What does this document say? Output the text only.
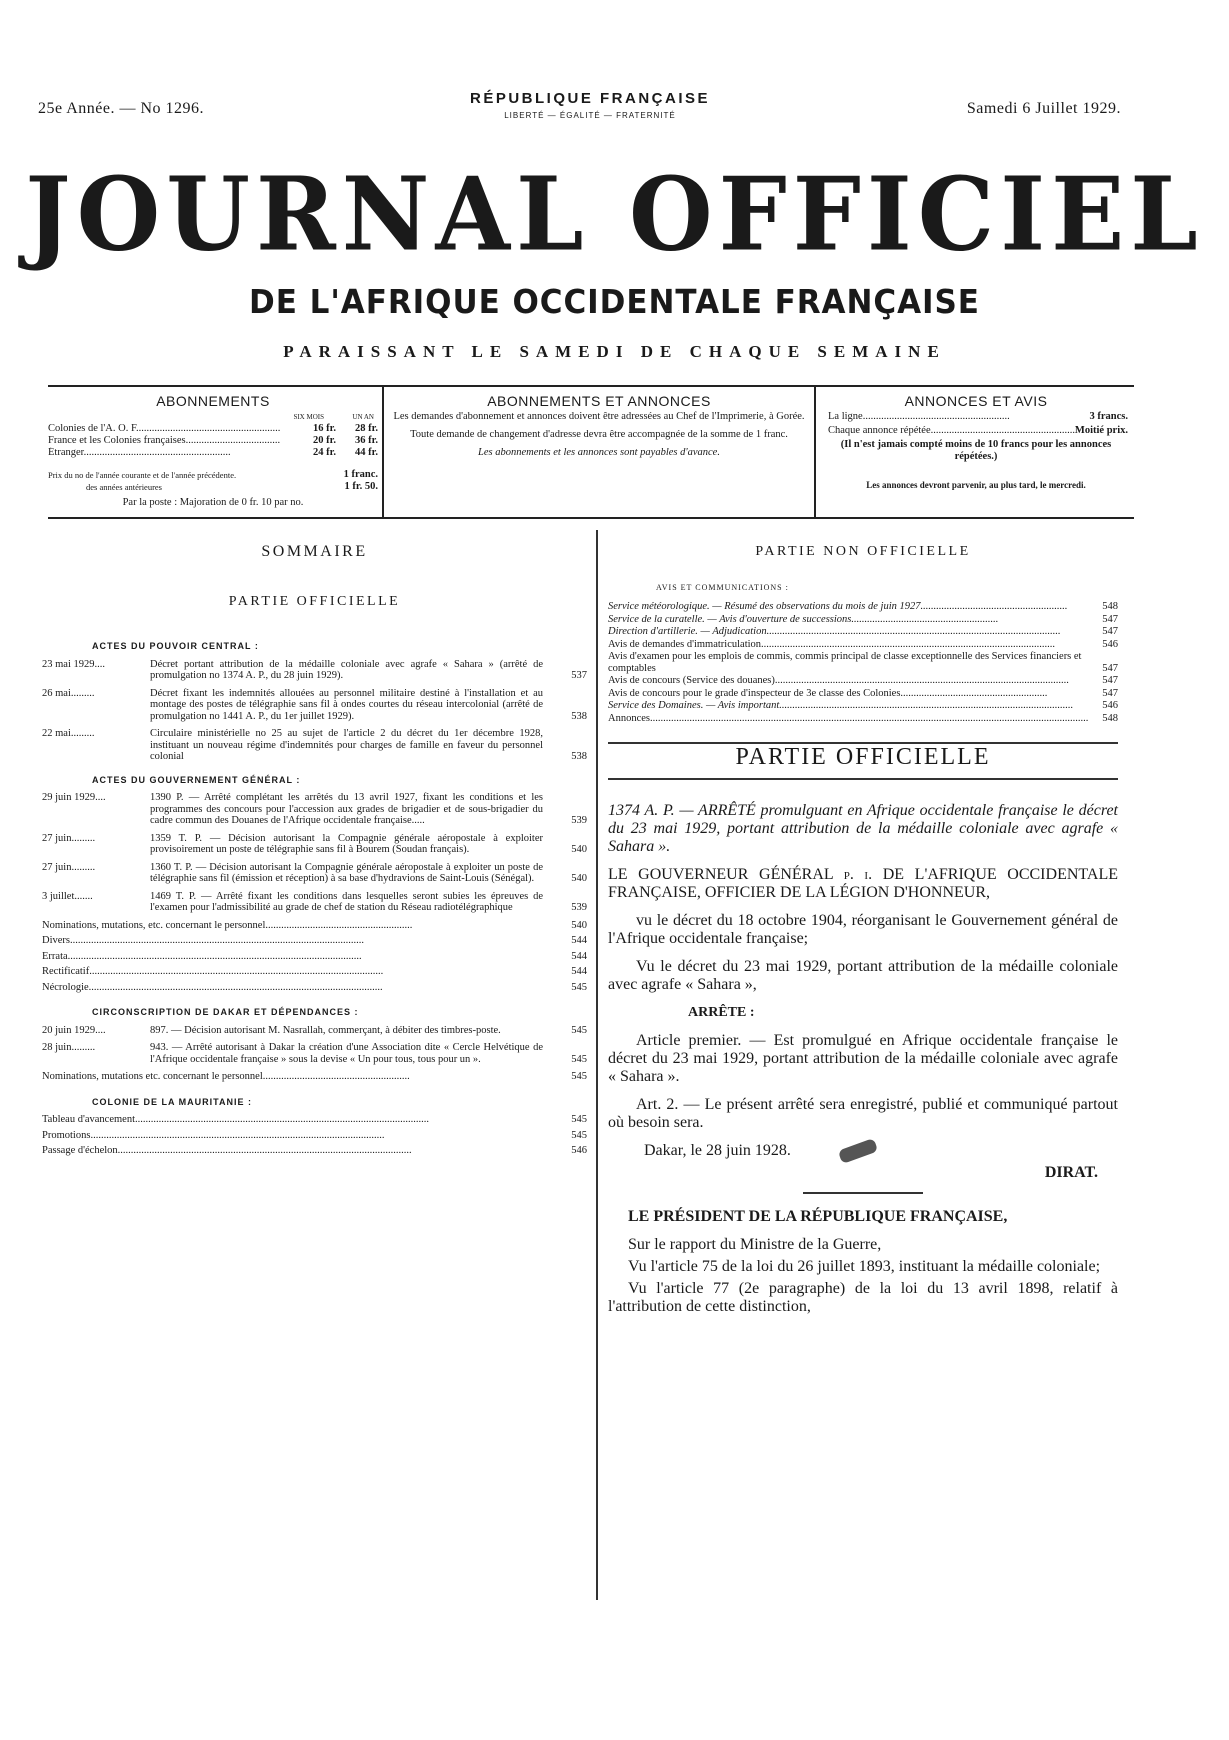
25e Année. — No 1296.
RÉPUBLIQUE FRANÇAISE
LIBERTÉ — ÉGALITÉ — FRATERNITÉ	Samedi 6 Juillet 1929.
JOURNAL OFFICIEL
DE L'AFRIQUE OCCIDENTALE FRANÇAISE
PARAISSANT LE SAMEDI DE CHAQUE SEMAINE
ABONNEMENTS
SIX MOIS	UN AN
Colonies de l'A. O. F. .....	16 fr.	28 fr.
France et les Colonies françaises. .....	20 fr.	36 fr.
Étranger .....	24 fr.	44 fr.
Prix du no de l'année courante et de l'année précédente.	1 franc.
des années antérieures	1 fr. 50.
Par la poste : Majoration de 0 fr. 10 par no.
ABONNEMENTS ET ANNONCES

Les demandes d'abonnement et annonces doivent être adressées au Chef de l'Imprimerie, à Gorée.

Toute demande de changement d'adresse devra être accompagnée de la somme de 1 franc.

Les abonnements et les annonces sont payables d'avance.

ANNONCES ET AVIS
La ligne .....	3 francs.
Chaque annonce répétée .....	Moitié prix.

(Il n'est jamais compté moins de 10 francs pour les annonces répétées.)

Les annonces devront parvenir, au plus tard, le mercredi.

SOMMAIRE
PARTIE OFFICIELLE
ACTES DU POUVOIR CENTRAL :
23 mai 1929....	Décret portant attribution de la médaille coloniale avec agrafe « Sahara » (arrêté de promulgation no 1374 A. P., du 28 juin 1929).	537
26 mai.........	Décret fixant les indemnités allouées au personnel militaire destiné à l'installation et au montage des postes de télégraphie sans fil à ondes courtes du réseau intercolonial (arrêté de promulgation no 1441 A. P., du 1er juillet 1929).	538
22 mai.........	Circulaire ministérielle no 25 au sujet de l'article 2 du décret du 1er décembre 1928, instituant un nouveau régime d'indemnités pour charges de famille en faveur du personnel colonial	538
ACTES DU GOUVERNEMENT GÉNÉRAL :
29 juin 1929....	1390 P. — Arrêté complétant les arrêtés du 13 avril 1927, fixant les conditions et les programmes des concours pour l'accession aux grades de brigadier et de sous-brigadier du cadre commun des Douanes de l'Afrique occidentale française.....	539
27 juin.........	1359 T. P. — Décision autorisant la Compagnie générale aéropostale à exploiter provisoirement un poste de télégraphie sans fil à Bourem (Soudan français).	540
27 juin.........	1360 T. P. — Décision autorisant la Compagnie générale aéropostale à exploiter un poste de télégraphie sans fil (émission et réception) à sa base d'hydravions de Saint-Louis (Sénégal).	540
3 juillet.......	1469 T. P. — Arrêté fixant les conditions dans lesquelles seront subies les épreuves de l'examen pour l'admissibilité au grade de chef de station du Réseau radiotélégraphique	539
Nominations, mutations, etc. concernant le personnel .....	540
Divers ..... .....	544
Errata ..... .....	544
Rectificatif ..... .....	544
Nécrologie ..... .....	545
CIRCONSCRIPTION DE DAKAR ET DÉPENDANCES :
20 juin 1929....	897. — Décision autorisant M. Nasrallah, commerçant, à débiter des timbres-poste.	545
28 juin.........	943. — Arrêté autorisant à Dakar la création d'une Association dite « Cercle Helvétique de l'Afrique occidentale française » sous la devise « Un pour tous, tous pour un ».	545
Nominations, mutations etc. concernant le personnel .....	545
COLONIE DE LA MAURITANIE :
Tableau d'avancement ..... .....	545
Promotions ..... .....	545
Passage d'échelon ..... .....	546
PARTIE NON OFFICIELLE
AVIS ET COMMUNICATIONS :
Service météorologique. — Résumé des observations du mois de juin 1927 .....	548
Service de la curatelle. — Avis d'ouverture de successions .....	547
Direction d'artillerie. — Adjudication ..... .....	547
Avis de demandes d'immatriculation ..... .....	546
Avis d'examen pour les emplois de commis, commis principal de classe exceptionnelle des Services financiers et comptables	547
Avis de concours (Service des douanes) ..... .....	547
Avis de concours pour le grade d'inspecteur de 3e classe des Colonies .....	547
Service des Domaines. — Avis important ..... .....	546
Annonces ..... ..... .....	548
PARTIE OFFICIELLE

1374 A. P. — ARRÊTÉ promulguant en Afrique occidentale française le décret du 23 mai 1929, portant attribution de la médaille coloniale avec agrafe « Sahara ».

LE GOUVERNEUR GÉNÉRAL p. i. DE L'AFRIQUE OCCIDENTALE FRANÇAISE, OFFICIER DE LA LÉGION D'HONNEUR,

vu le décret du 18 octobre 1904, réorganisant le Gouvernement général de l'Afrique occidentale française;

Vu le décret du 23 mai 1929, portant attribution de la médaille coloniale avec agrafe « Sahara »,

ARRÊTE :

Article premier. — Est promulgué en Afrique occidentale française le décret du 23 mai 1929, portant attribution de la médaille coloniale avec agrafe « Sahara ».

Art. 2. — Le présent arrêté sera enregistré, publié et communiqué partout où besoin sera.

Dakar, le 28 juin 1928.

DIRAT.

LE PRÉSIDENT DE LA RÉPUBLIQUE FRANÇAISE,

Sur le rapport du Ministre de la Guerre,

Vu l'article 75 de la loi du 26 juillet 1893, instituant la médaille coloniale;

Vu l'article 77 (2e paragraphe) de la loi du 13 avril 1898, relatif à l'attribution de cette distinction,
